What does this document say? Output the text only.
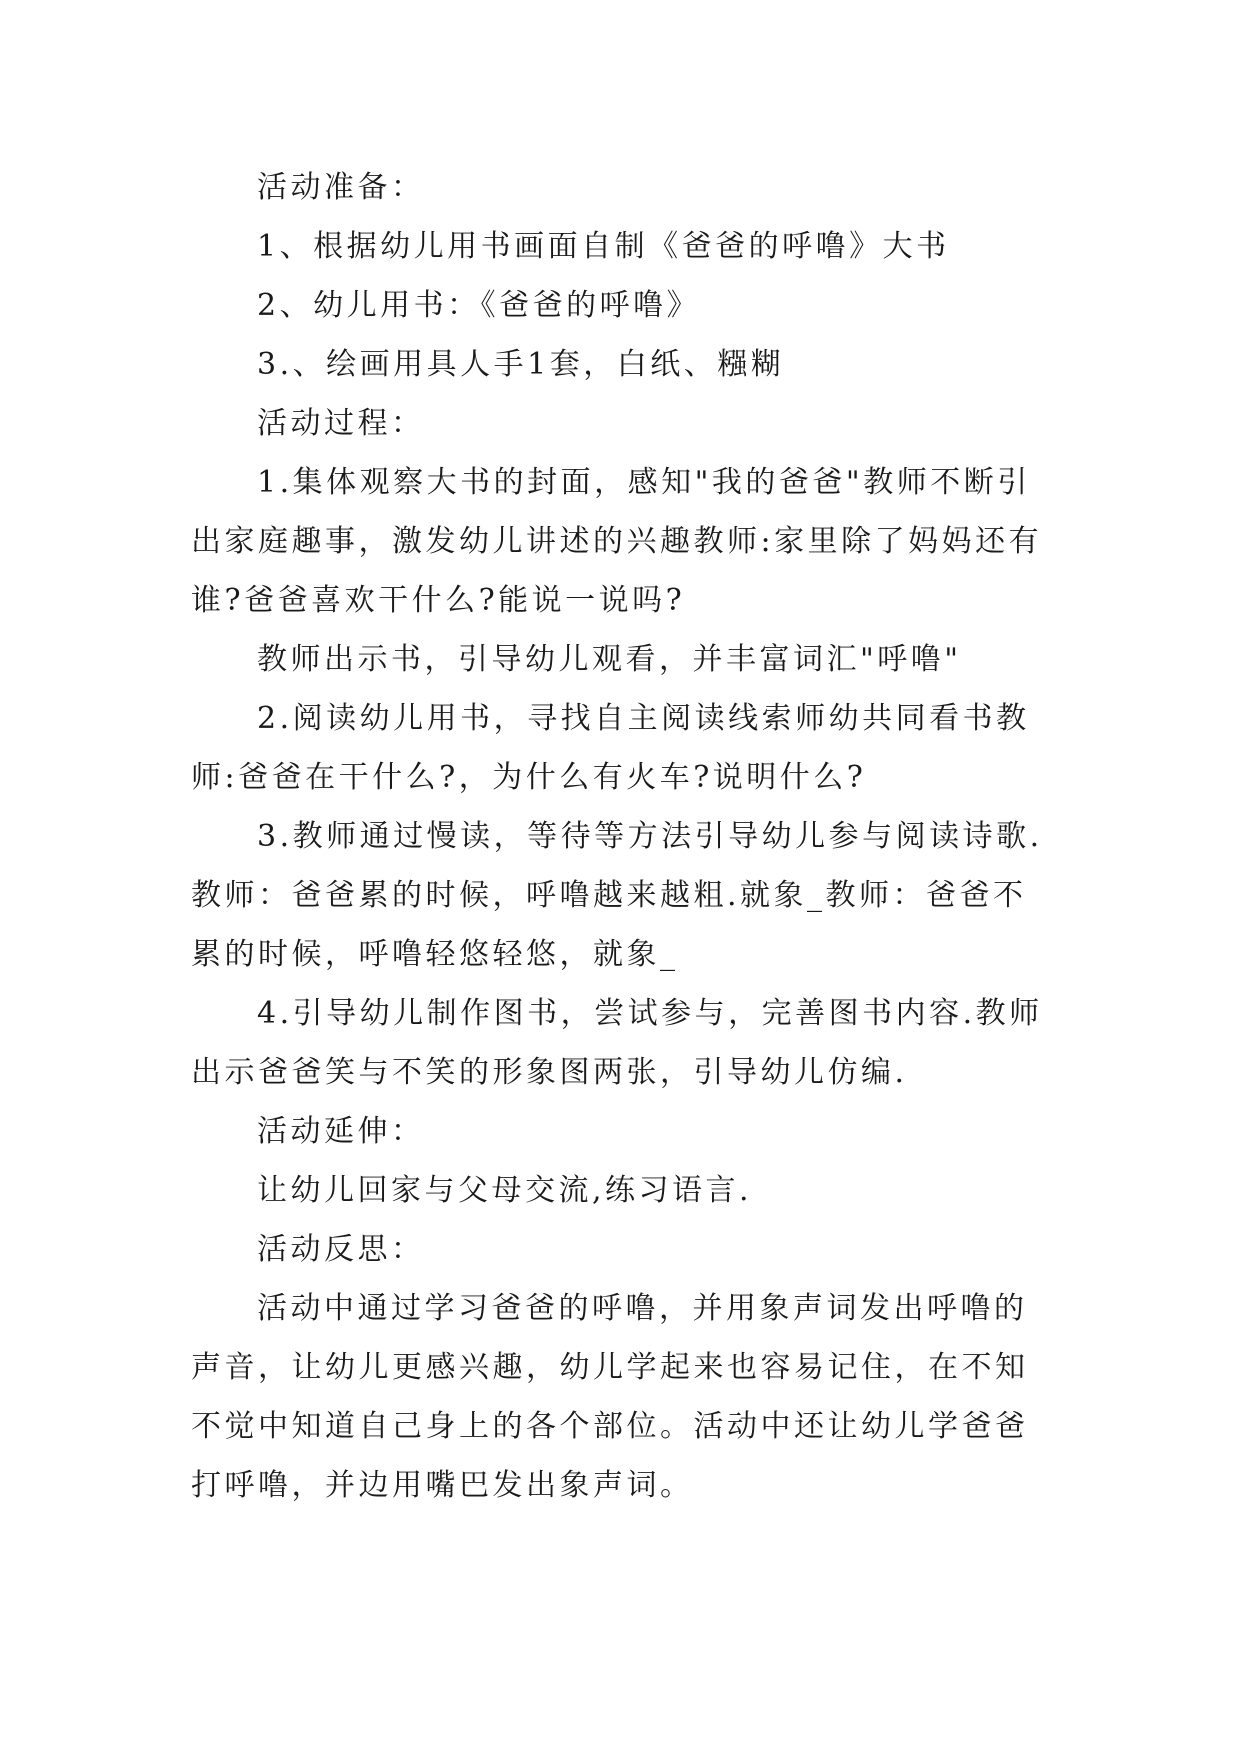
活动准备：

1、根据幼儿用书画面自制《爸爸的呼噜》大书

2、幼儿用书：《爸爸的呼噜》

3.、绘画用具人手1套，白纸、糨糊

活动过程：

1.集体观察大书的封面，感知"我的爸爸"教师不断引出家庭趣事，激发幼儿讲述的兴趣教师:家里除了妈妈还有谁?爸爸喜欢干什么?能说一说吗?

教师出示书，引导幼儿观看，并丰富词汇"呼噜"

2.阅读幼儿用书，寻找自主阅读线索师幼共同看书教师:爸爸在干什么?，为什么有火车?说明什么?

3.教师通过慢读，等待等方法引导幼儿参与阅读诗歌.教师：爸爸累的时候，呼噜越来越粗.就象_教师：爸爸不累的时候，呼噜轻悠轻悠，就象_

4.引导幼儿制作图书，尝试参与，完善图书内容.教师出示爸爸笑与不笑的形象图两张，引导幼儿仿编.

活动延伸：

让幼儿回家与父母交流,练习语言.

活动反思：

活动中通过学习爸爸的呼噜，并用象声词发出呼噜的声音，让幼儿更感兴趣，幼儿学起来也容易记住，在不知不觉中知道自己身上的各个部位。活动中还让幼儿学爸爸打呼噜，并边用嘴巴发出象声词。
